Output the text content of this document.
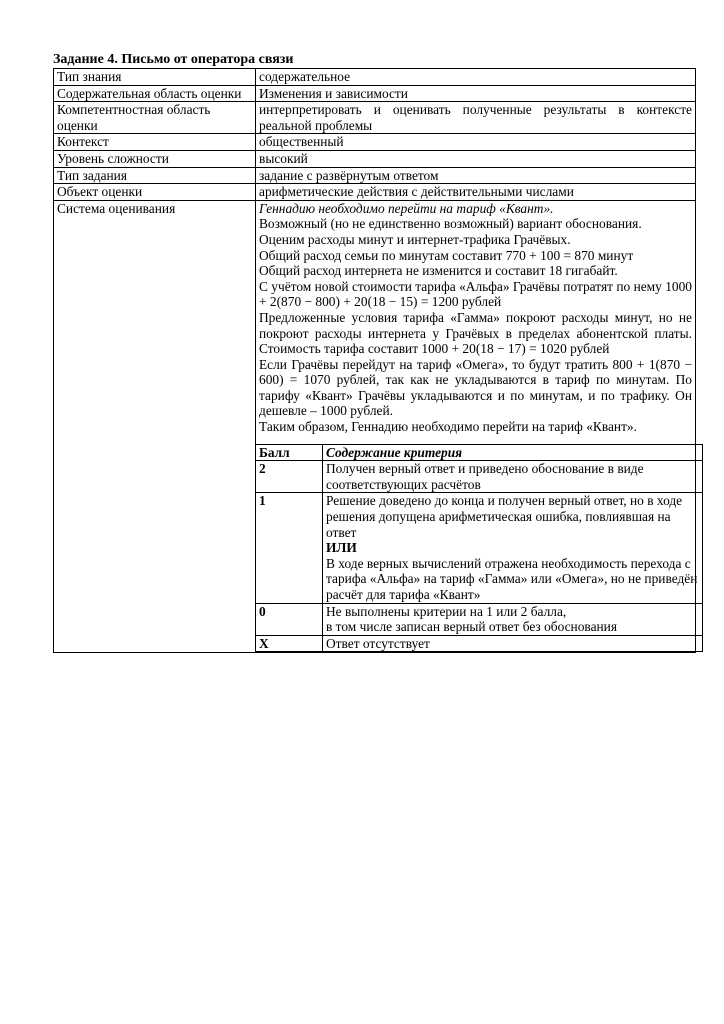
Задание 4. Письмо от оператора связи
Тип знания	содержательное
Содержательная область оценки	Изменения и зависимости
Компетентностная область оценки	интерпретировать и оценивать полученные результаты в контексте реальной проблемы
Контекст	общественный
Уровень сложности	высокий
Тип задания	задание с развёрнутым ответом
Объект оценки	арифметические действия с действительными числами
Система оценивания	Геннадию необходимо перейти на тариф «Квант».

Возможный (но не единственно возможный) вариант обоснования.

Оценим расходы минут и интернет-трафика Грачёвых.

Общий расход семьи по минутам составит 770 + 100 = 870 минут

Общий расход интернета не изменится и составит 18 гигабайт.

С учётом новой стоимости тарифа «Альфа» Грачёвы потратят по нему 1000 + 2(870 − 800) + 20(18 − 15) = 1200 рублей

Предложенные условия тарифа «Гамма» покроют расходы минут, но не покроют расходы интернета у Грачёвых в пределах абонентской платы. Стоимость тарифа составит 1000 + 20(18 − 17) = 1020 рублей

Если Грачёвы перейдут на тариф «Омега», то будут тратить 800 + 1(870 − 600) = 1070 рублей, так как не укладываются в тариф по минутам. По тарифу «Квант» Грачёвы укладываются и по минутам, и по трафику. Он дешевле – 1000 рублей.

Таким образом, Геннадию необходимо перейти на тариф «Квант».

Балл	Содержание критерия
2	Получен верный ответ и приведено обоснование в виде соответствующих расчётов
1	Решение доведено до конца и получен верный ответ, но в ходе решения допущена арифметическая ошибка, повлиявшая на ответ
ИЛИ
В ходе верных вычислений отражена необходимость перехода с тарифа «Альфа» на тариф «Гамма» или «Омега», но не приведён расчёт для тарифа «Квант»

0	Не выполнены критерии на 1 или 2 балла,
в том числе записан верный ответ без обоснования

X	Ответ отсутствует
